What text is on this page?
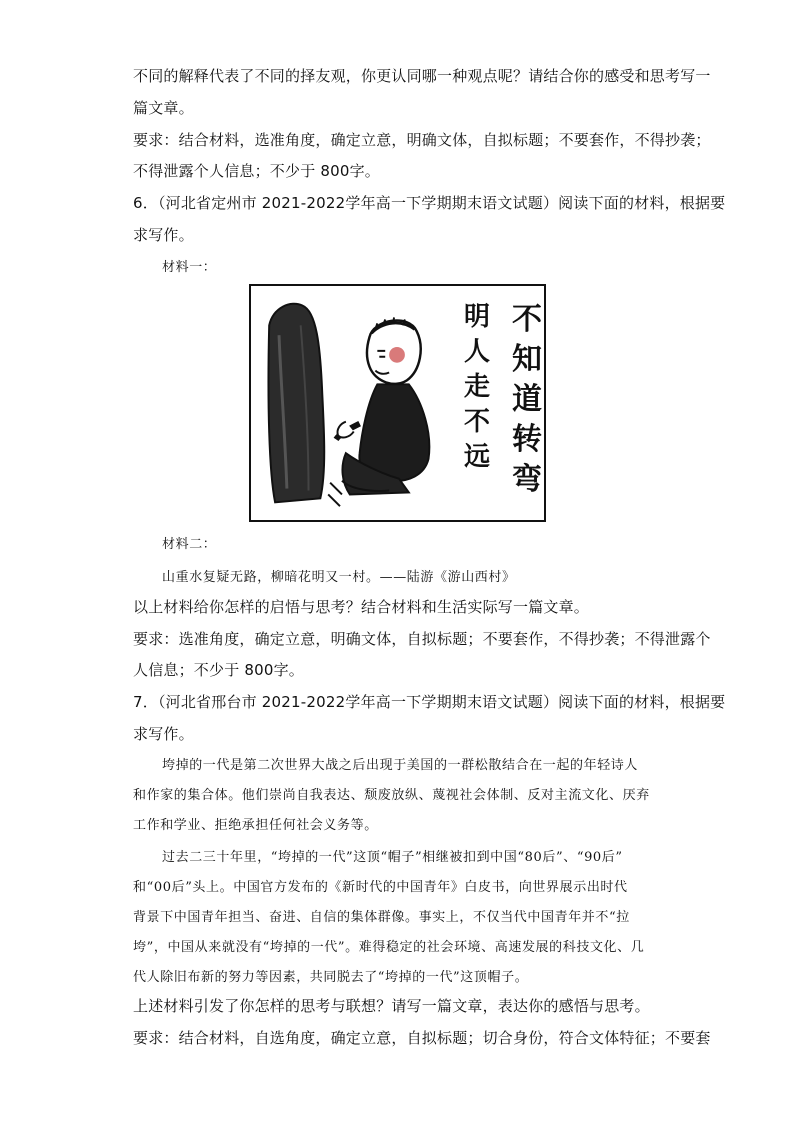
不同的解释代表了不同的择友观，你更认同哪一种观点呢？请结合你的感受和思考写一
篇文章。
要求：结合材料，选准角度，确定立意，明确文体，自拟标题；不要套作，不得抄袭；
不得泄露个人信息；不少于 800字。
6．（河北省定州市 2021-2022学年高一下学期期末语文试题）阅读下面的材料，根据要
求写作。
材料一：
不知道转弯
明人走不远
材料二：
山重水复疑无路，柳暗花明又一村。——陆游《游山西村》
以上材料给你怎样的启悟与思考？结合材料和生活实际写一篇文章。
要求：选准角度，确定立意，明确文体，自拟标题；不要套作，不得抄袭；不得泄露个
人信息；不少于 800字。
7．（河北省邢台市 2021-2022学年高一下学期期末语文试题）阅读下面的材料，根据要
求写作。
垮掉的一代是第二次世界大战之后出现于美国的一群松散结合在一起的年轻诗人
和作家的集合体。他们崇尚自我表达、颓废放纵、蔑视社会体制、反对主流文化、厌弃
工作和学业、拒绝承担任何社会义务等。
过去二三十年里，“垮掉的一代”这顶“帽子”相继被扣到中国“80后”、“90后”
和“00后”头上。中国官方发布的《新时代的中国青年》白皮书，向世界展示出时代
背景下中国青年担当、奋进、自信的集体群像。事实上，不仅当代中国青年并不“拉
垮”，中国从来就没有“垮掉的一代”。难得稳定的社会环境、高速发展的科技文化、几
代人除旧布新的努力等因素，共同脱去了“垮掉的一代”这顶帽子。
上述材料引发了你怎样的思考与联想？请写一篇文章，表达你的感悟与思考。
要求：结合材料，自选角度，确定立意，自拟标题；切合身份，符合文体特征；不要套
